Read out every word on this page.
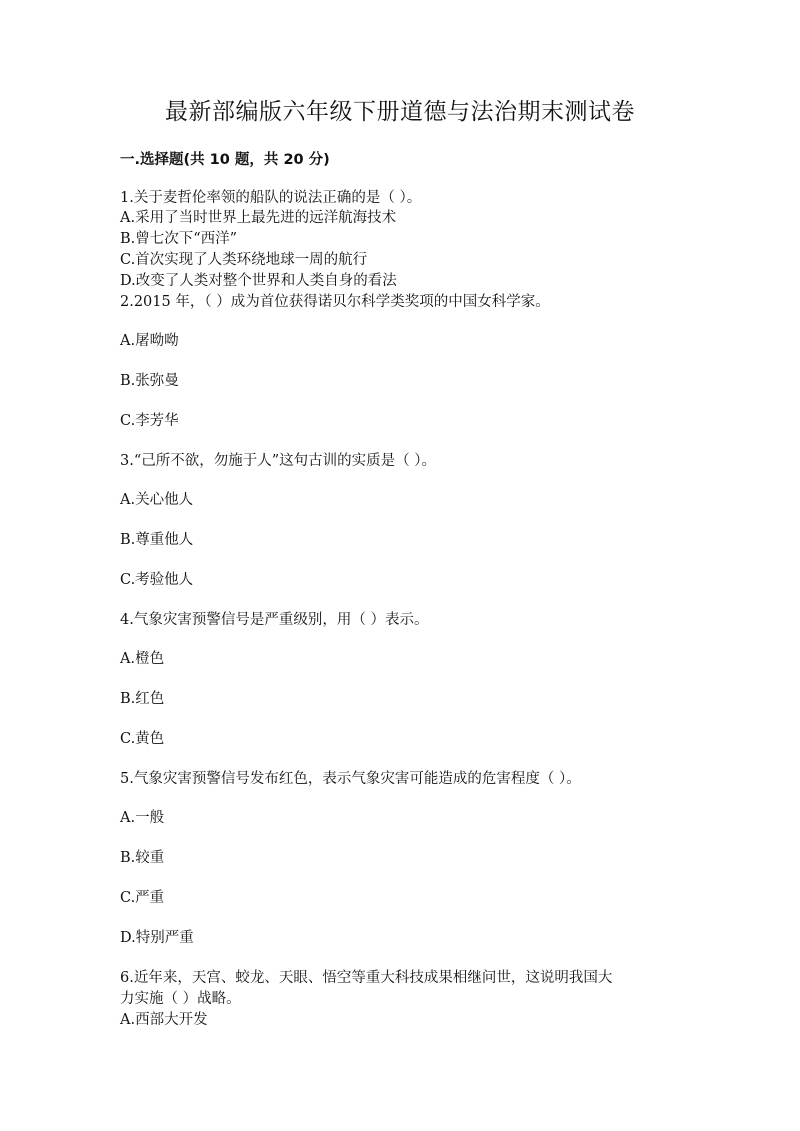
最新部编版六年级下册道德与法治期末测试卷
一.选择题(共 10 题，共 20 分)
1.关于麦哲伦率领的船队的说法正确的是（ ）。
A.采用了当时世界上最先进的远洋航海技术
B.曾七次下“西洋”
C.首次实现了人类环绕地球一周的航行
D.改变了人类对整个世界和人类自身的看法
2.2015 年，（ ）成为首位获得诺贝尔科学类奖项的中国女科学家。
A.屠呦呦
B.张弥曼
C.李芳华
3.“己所不欲，勿施于人”这句古训的实质是（ ）。
A.关心他人
B.尊重他人
C.考验他人
4.气象灾害预警信号是严重级别，用（ ）表示。
A.橙色
B.红色
C.黄色
5.气象灾害预警信号发布红色，表示气象灾害可能造成的危害程度（ ）。
A.一般
B.较重
C.严重
D.特别严重
6.近年来，天宫、蛟龙、天眼、悟空等重大科技成果相继问世，这说明我国大
力实施（ ）战略。
A.西部大开发
